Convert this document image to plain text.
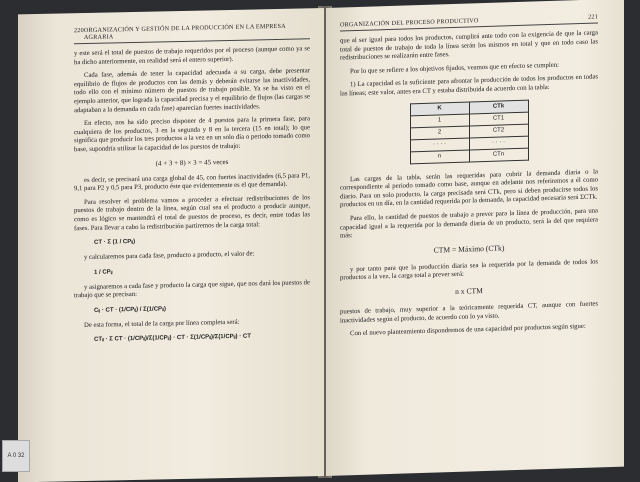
220 ORGANIZACIÓN Y GESTIÓN DE LA PRODUCCIÓN EN LA EMPRESA AGRARIA

y este será el total de puestos de trabajo requeridos por el proceso (aunque como ya se ha dicho anteriormente, en realidad será el entero superior).

Cada fase, además de tener la capacidad adecuada a su carga, debe presentar equilibrio de flujos de productos con las demás y deberán evitarse las inactividades, todo ello con el mínimo número de puestos de trabajo posible. Ya se ha visto en el ejemplo anterior, que lograda la capacidad precisa y el equilibrio de flujos (las cargas se adaptaban a la demanda en cada fase) aparecían fuertes inactividades.

En efecto, nos ha sido preciso disponer de 4 puestos para la primera fase, para cualquiera de los productos, 3 en la segunda y 8 en la tercera (15 en total); lo que significa que producir los tres productos a la vez en un solo día o periodo tomado como base, supondría utilizar la capacidad de los puestos de trabajo:

(4 + 3 + 8) × 3 = 45 veces

es decir, se precisará una carga global de 45, con fuertes inactividades (6,5 para P1, 9,1 para P2 y 0,5 para P3, producto éste que evidentemente es el que demanda).

Para resolver el problema vamos a proceder a efectuar redistribuciones de los puestos de trabajo dentro de la línea, según cual sea el producto a producir aunque, como es lógico se mantendrá el total de puestos de proceso, es decir, entre todas las fases. Para llevar a cabo la redistribución partiremos de la carga total:

CT · Σ (1 / CPᵢⱼ)

y calcularemos para cada fase, producto a producto, el valor de:

1 / CPᵢⱼ

y asignaremos a cada fase y producto la carga que sigue, que nos dará los puestos de trabajo que se precisan:

Cᵢⱼ · CT · (1/CPᵢⱼ) / Σ(1/CPᵢⱼ)

De esta forma, el total de la carga por línea completa será:

CTᵢⱼ · Σ CT · (1/CPᵢⱼ)/Σ(1/CPᵢⱼ) · CT · Σ(1/CPᵢⱼ)/Σ(1/CPᵢⱼ) · CT
A 0 32
ORGANIZACIÓN DEL PROCESO PRODUCTIVO
221

que al ser igual para todos los productos, cumplirá ante todo con la exigencia de que la carga total de puestos de trabajo de toda la línea serán los mismos en total y que en todo caso las redistribuciones se realizarán entre fases.

Por lo que se refiere a los objetivos fijados, veamos que en efecto se cumplen:

1) La capacidad es la suficiente para afrontar la producción de todos los productos en todas las líneas; este valor, antes era CT y estaba distribuida de acuerdo con la tabla:

K	CTk
1	CT1
2	CT2
· · · ·	· · · ·
n	CTn

Las cargas de la tabla, serán las requeridas para cubrir la demanda diaria o la correspondiente al periodo tomado como base, aunque en adelante nos referiremos a él como diario. Para un solo producto, la carga precisada será CTk, pero si deben producirse todos los productos en un día, en la cantidad requerida por la demanda, la capacidad necesaria será ΣCTk.

Para ello, la cantidad de puestos de trabajo a prever para la línea de producción, para una capacidad igual a la requerida por la demanda diaria de un producto, será la del que requiera más:

CTM = Máximo (CTk)

y por tanto para que la producción diaria sea la requerida por la demanda de todos los productos a la vez, la carga total a prever será:

n x CTM

puestos de trabajo, muy superior a la teóricamente requerida CT, aunque con fuertes inactividades según el producto, de acuerdo con lo ya visto.

Con el nuevo planteamiento dispondremos de una capacidad por productos según sigue:
